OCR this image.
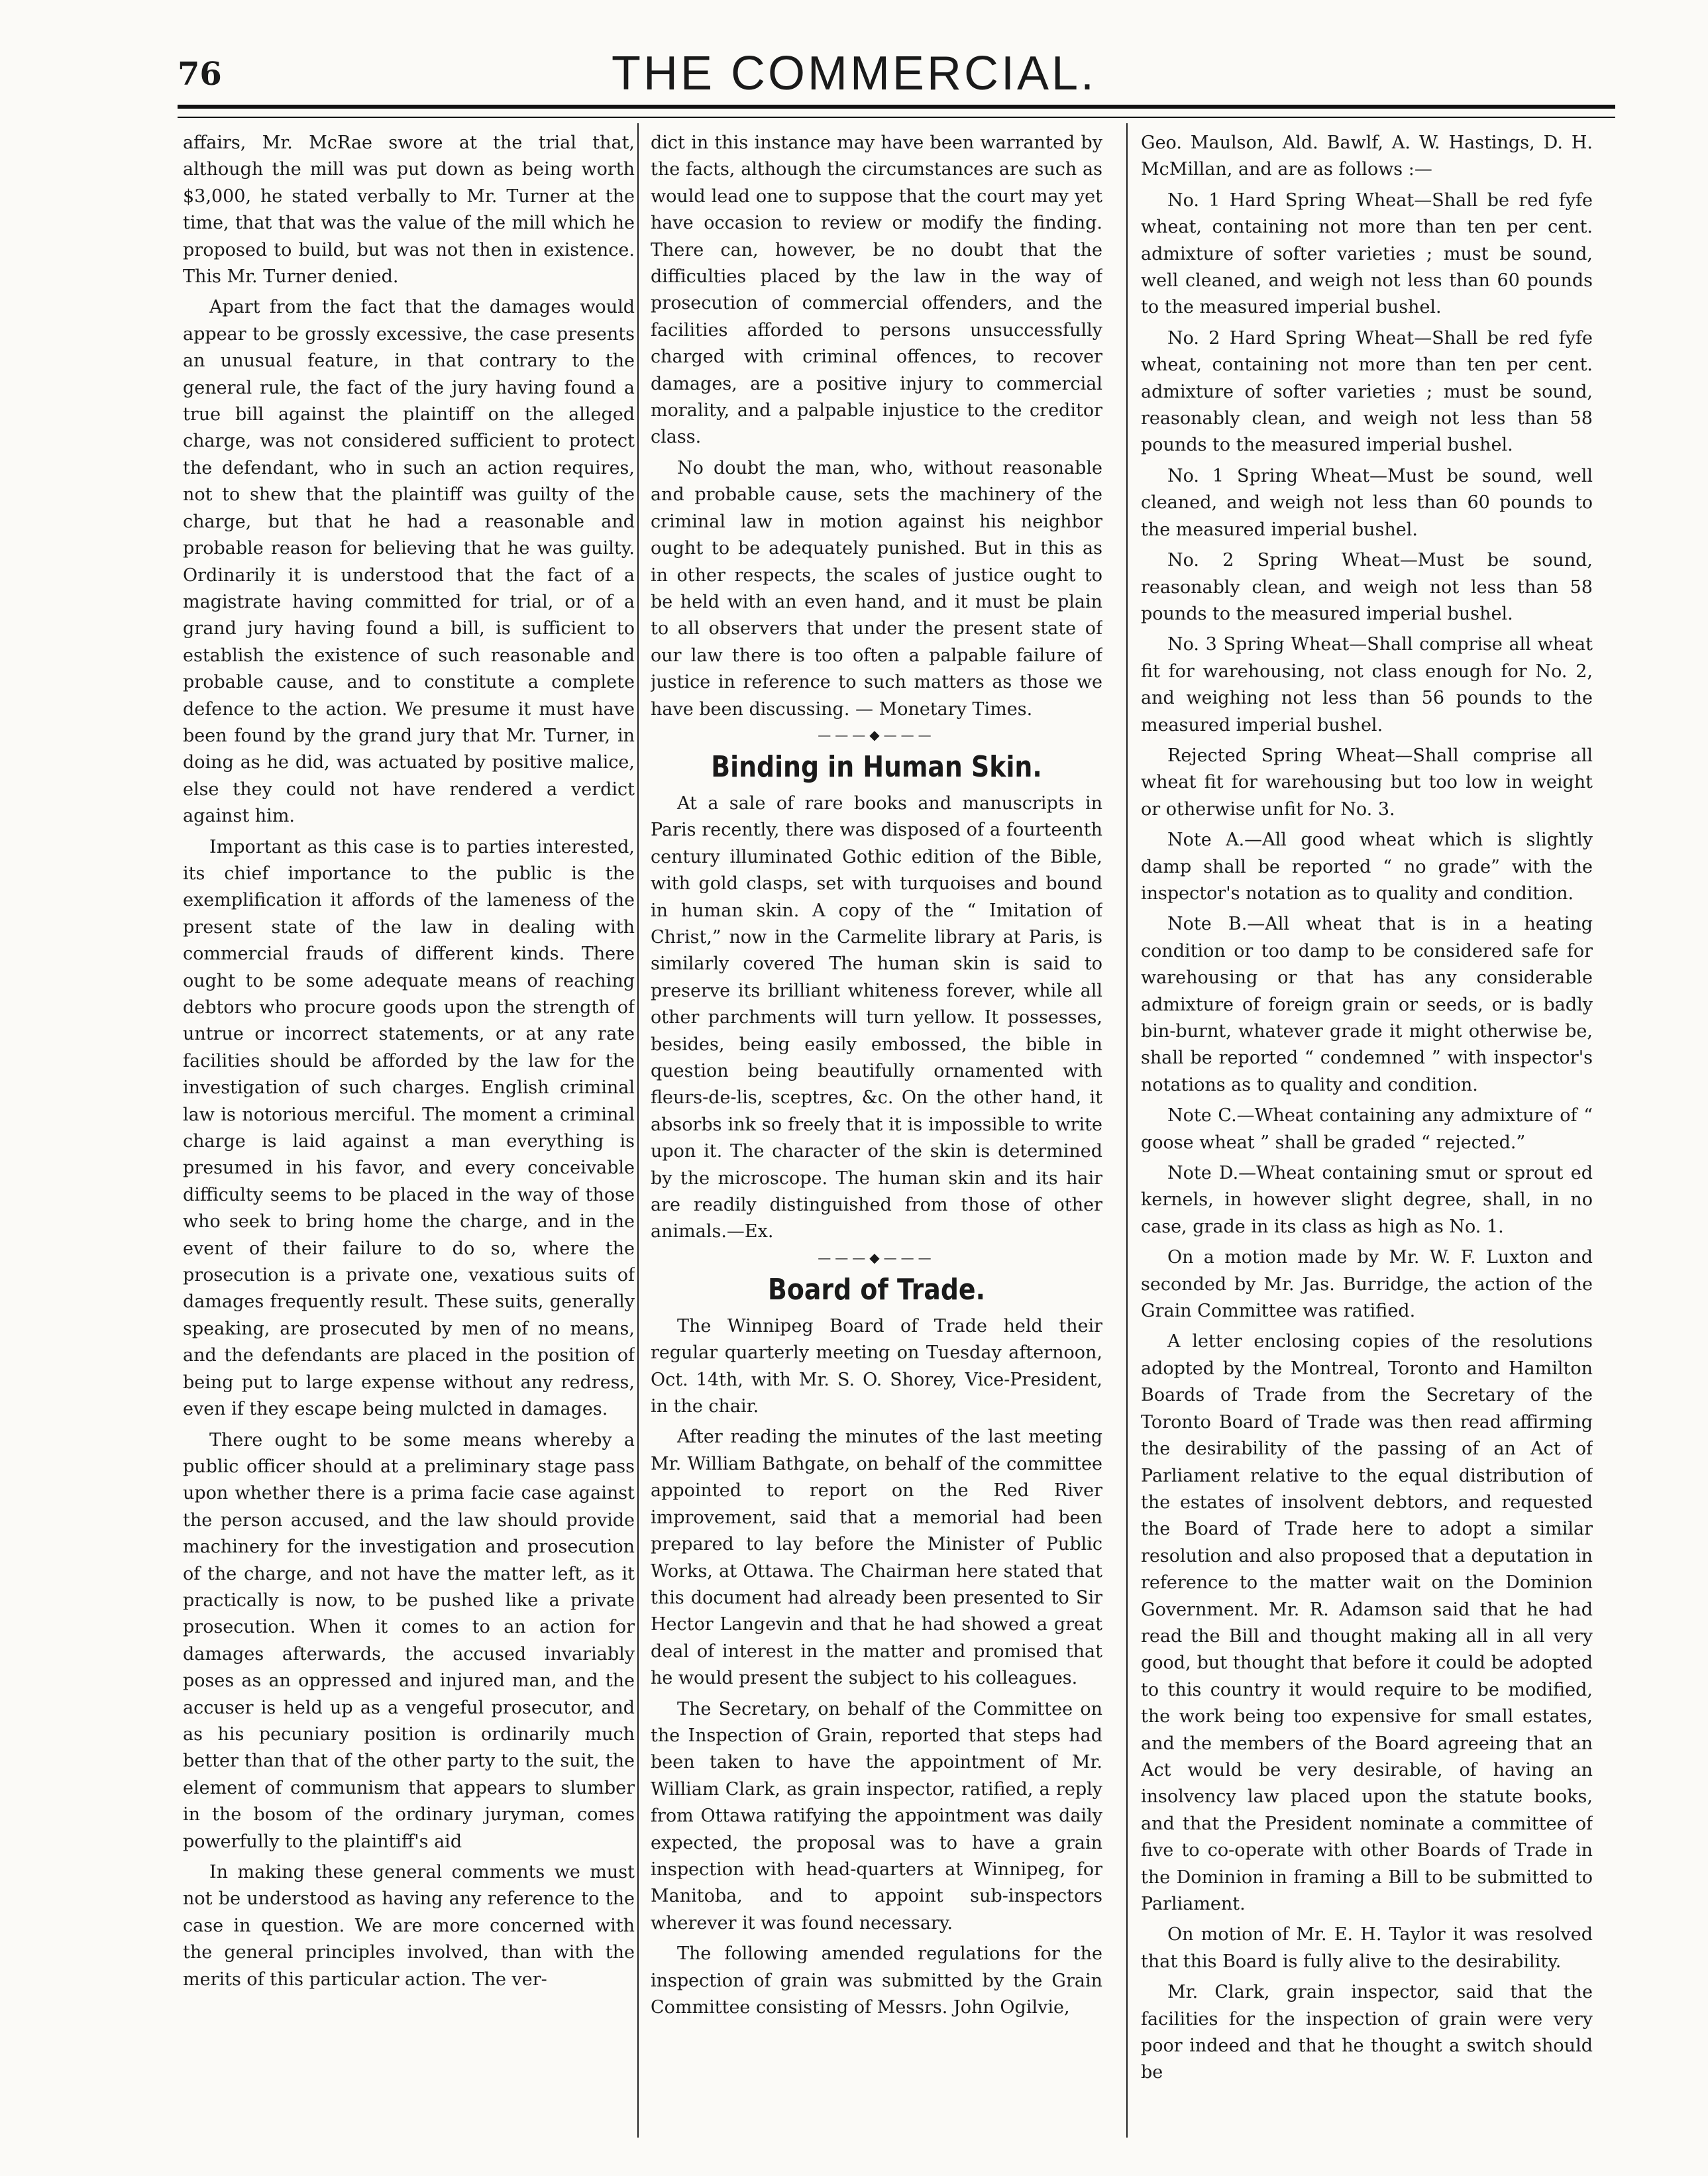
76	THE COMMERCIAL.

affairs, Mr. McRae swore at the trial that, although the mill was put down as being worth $3,000, he stated verbally to Mr. Turner at the time, that that was the value of the mill which he proposed to build, but was not then in existence. This Mr. Turner denied.

Apart from the fact that the damages would appear to be grossly excessive, the case presents an unusual feature, in that contrary to the general rule, the fact of the jury having found a true bill against the plaintiff on the alleged charge, was not considered sufficient to protect the defendant, who in such an action requires, not to shew that the plaintiff was guilty of the charge, but that he had a reasonable and probable reason for believing that he was guilty. Ordinarily it is understood that the fact of a magistrate having committed for trial, or of a grand jury having found a bill, is sufficient to establish the existence of such reasonable and probable cause, and to constitute a complete defence to the action. We presume it must have been found by the grand jury that Mr. Turner, in doing as he did, was actuated by positive malice, else they could not have rendered a verdict against him.

Important as this case is to parties interested, its chief importance to the public is the exemplification it affords of the lameness of the present state of the law in dealing with commercial frauds of different kinds. There ought to be some adequate means of reaching debtors who procure goods upon the strength of untrue or incorrect statements, or at any rate facilities should be afforded by the law for the investigation of such charges. English criminal law is notorious merciful. The moment a criminal charge is laid against a man everything is presumed in his favor, and every conceivable difficulty seems to be placed in the way of those who seek to bring home the charge, and in the event of their failure to do so, where the prosecution is a private one, vexatious suits of damages frequently result. These suits, generally speaking, are prosecuted by men of no means, and the defendants are placed in the position of being put to large expense without any redress, even if they escape being mulcted in damages.

There ought to be some means whereby a public officer should at a preliminary stage pass upon whether there is a prima facie case against the person accused, and the law should provide machinery for the investigation and prosecution of the charge, and not have the matter left, as it practically is now, to be pushed like a private prosecution. When it comes to an action for damages afterwards, the accused invariably poses as an oppressed and injured man, and the accuser is held up as a vengeful prosecutor, and as his pecuniary position is ordinarily much better than that of the other party to the suit, the element of communism that appears to slumber in the bosom of the ordinary juryman, comes powerfully to the plaintiff's aid

In making these general comments we must not be understood as having any reference to the case in question. We are more concerned with the general principles involved, than with the merits of this particular action. The ver-

dict in this instance may have been warranted by the facts, although the circumstances are such as would lead one to suppose that the court may yet have occasion to review or modify the finding. There can, however, be no doubt that the difficulties placed by the law in the way of prosecution of commercial offenders, and the facilities afforded to persons unsuccessfully charged with criminal offences, to recover damages, are a positive injury to commercial morality, and a palpable injustice to the creditor class.

No doubt the man, who, without reasonable and probable cause, sets the machinery of the criminal law in motion against his neighbor ought to be adequately punished. But in this as in other respects, the scales of justice ought to be held with an even hand, and it must be plain to all observers that under the present state of our law there is too often a palpable failure of justice in reference to such matters as those we have been discussing. — Monetary Times.

———◆———
Binding in Human Skin.

At a sale of rare books and manuscripts in Paris recently, there was disposed of a fourteenth century illuminated Gothic edition of the Bible, with gold clasps, set with turquoises and bound in human skin. A copy of the “ Imitation of Christ,” now in the Carmelite library at Paris, is similarly covered The human skin is said to preserve its brilliant whiteness forever, while all other parchments will turn yellow. It possesses, besides, being easily embossed, the bible in question being beautifully ornamented with fleurs-de-lis, sceptres, &c. On the other hand, it absorbs ink so freely that it is impossible to write upon it. The character of the skin is determined by the microscope. The human skin and its hair are readily distinguished from those of other animals.—Ex.

———◆———
Board of Trade.

The Winnipeg Board of Trade held their regular quarterly meeting on Tuesday afternoon, Oct. 14th, with Mr. S. O. Shorey, Vice-President, in the chair.

After reading the minutes of the last meeting Mr. William Bathgate, on behalf of the committee appointed to report on the Red River improvement, said that a memorial had been prepared to lay before the Minister of Public Works, at Ottawa. The Chairman here stated that this document had already been presented to Sir Hector Langevin and that he had showed a great deal of interest in the matter and promised that he would present the subject to his colleagues.

The Secretary, on behalf of the Committee on the Inspection of Grain, reported that steps had been taken to have the appointment of Mr. William Clark, as grain inspector, ratified, a reply from Ottawa ratifying the appointment was daily expected, the proposal was to have a grain inspection with head-quarters at Winnipeg, for Manitoba, and to appoint sub-inspectors wherever it was found necessary.

The following amended regulations for the inspection of grain was submitted by the Grain Committee consisting of Messrs. John Ogilvie,

Geo. Maulson, Ald. Bawlf, A. W. Hastings, D. H. McMillan, and are as follows :—

No. 1 Hard Spring Wheat—Shall be red fyfe wheat, containing not more than ten per cent. admixture of softer varieties ; must be sound, well cleaned, and weigh not less than 60 pounds to the measured imperial bushel.

No. 2 Hard Spring Wheat—Shall be red fyfe wheat, containing not more than ten per cent. admixture of softer varieties ; must be sound, reasonably clean, and weigh not less than 58 pounds to the measured imperial bushel.

No. 1 Spring Wheat—Must be sound, well cleaned, and weigh not less than 60 pounds to the measured imperial bushel.

No. 2 Spring Wheat—Must be sound, reasonably clean, and weigh not less than 58 pounds to the measured imperial bushel.

No. 3 Spring Wheat—Shall comprise all wheat fit for warehousing, not class enough for No. 2, and weighing not less than 56 pounds to the measured imperial bushel.

Rejected Spring Wheat—Shall comprise all wheat fit for warehousing but too low in weight or otherwise unfit for No. 3.

Note A.—All good wheat which is slightly damp shall be reported “ no grade” with the inspector's notation as to quality and condition.

Note B.—All wheat that is in a heating condition or too damp to be considered safe for warehousing or that has any considerable admixture of foreign grain or seeds, or is badly bin-burnt, whatever grade it might otherwise be, shall be reported “ condemned ” with inspector's notations as to quality and condition.

Note C.—Wheat containing any admixture of “ goose wheat ” shall be graded “ rejected.”

Note D.—Wheat containing smut or sprout ed kernels, in however slight degree, shall, in no case, grade in its class as high as No. 1.

On a motion made by Mr. W. F. Luxton and seconded by Mr. Jas. Burridge, the action of the Grain Committee was ratified.

A letter enclosing copies of the resolutions adopted by the Montreal, Toronto and Hamilton Boards of Trade from the Secretary of the Toronto Board of Trade was then read affirming the desirability of the passing of an Act of Parliament relative to the equal distribution of the estates of insolvent debtors, and requested the Board of Trade here to adopt a similar resolution and also proposed that a deputation in reference to the matter wait on the Dominion Government. Mr. R. Adamson said that he had read the Bill and thought making all in all very good, but thought that before it could be adopted to this country it would require to be modified, the work being too expensive for small estates, and the members of the Board agreeing that an Act would be very desirable, of having an insolvency law placed upon the statute books, and that the President nominate a committee of five to co-operate with other Boards of Trade in the Dominion in framing a Bill to be submitted to Parliament.

On motion of Mr. E. H. Taylor it was resolved that this Board is fully alive to the desirability.

Mr. Clark, grain inspector, said that the facilities for the inspection of grain were very poor indeed and that he thought a switch should be
